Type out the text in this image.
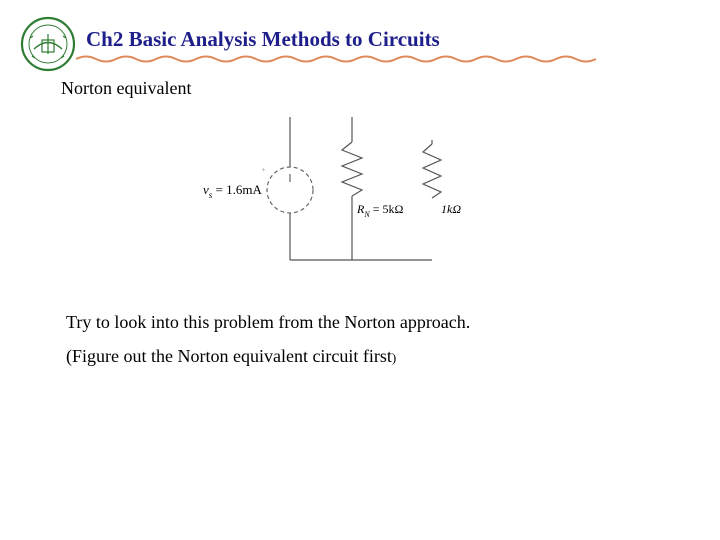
Ch2 Basic Analysis Methods to Circuits
Norton equivalent
+
$v_s = 1.6mA$
$R_N = 5k\Omega$	1kΩ
Try to look into this problem from the Norton approach.
(Figure out the Norton equivalent circuit first)
